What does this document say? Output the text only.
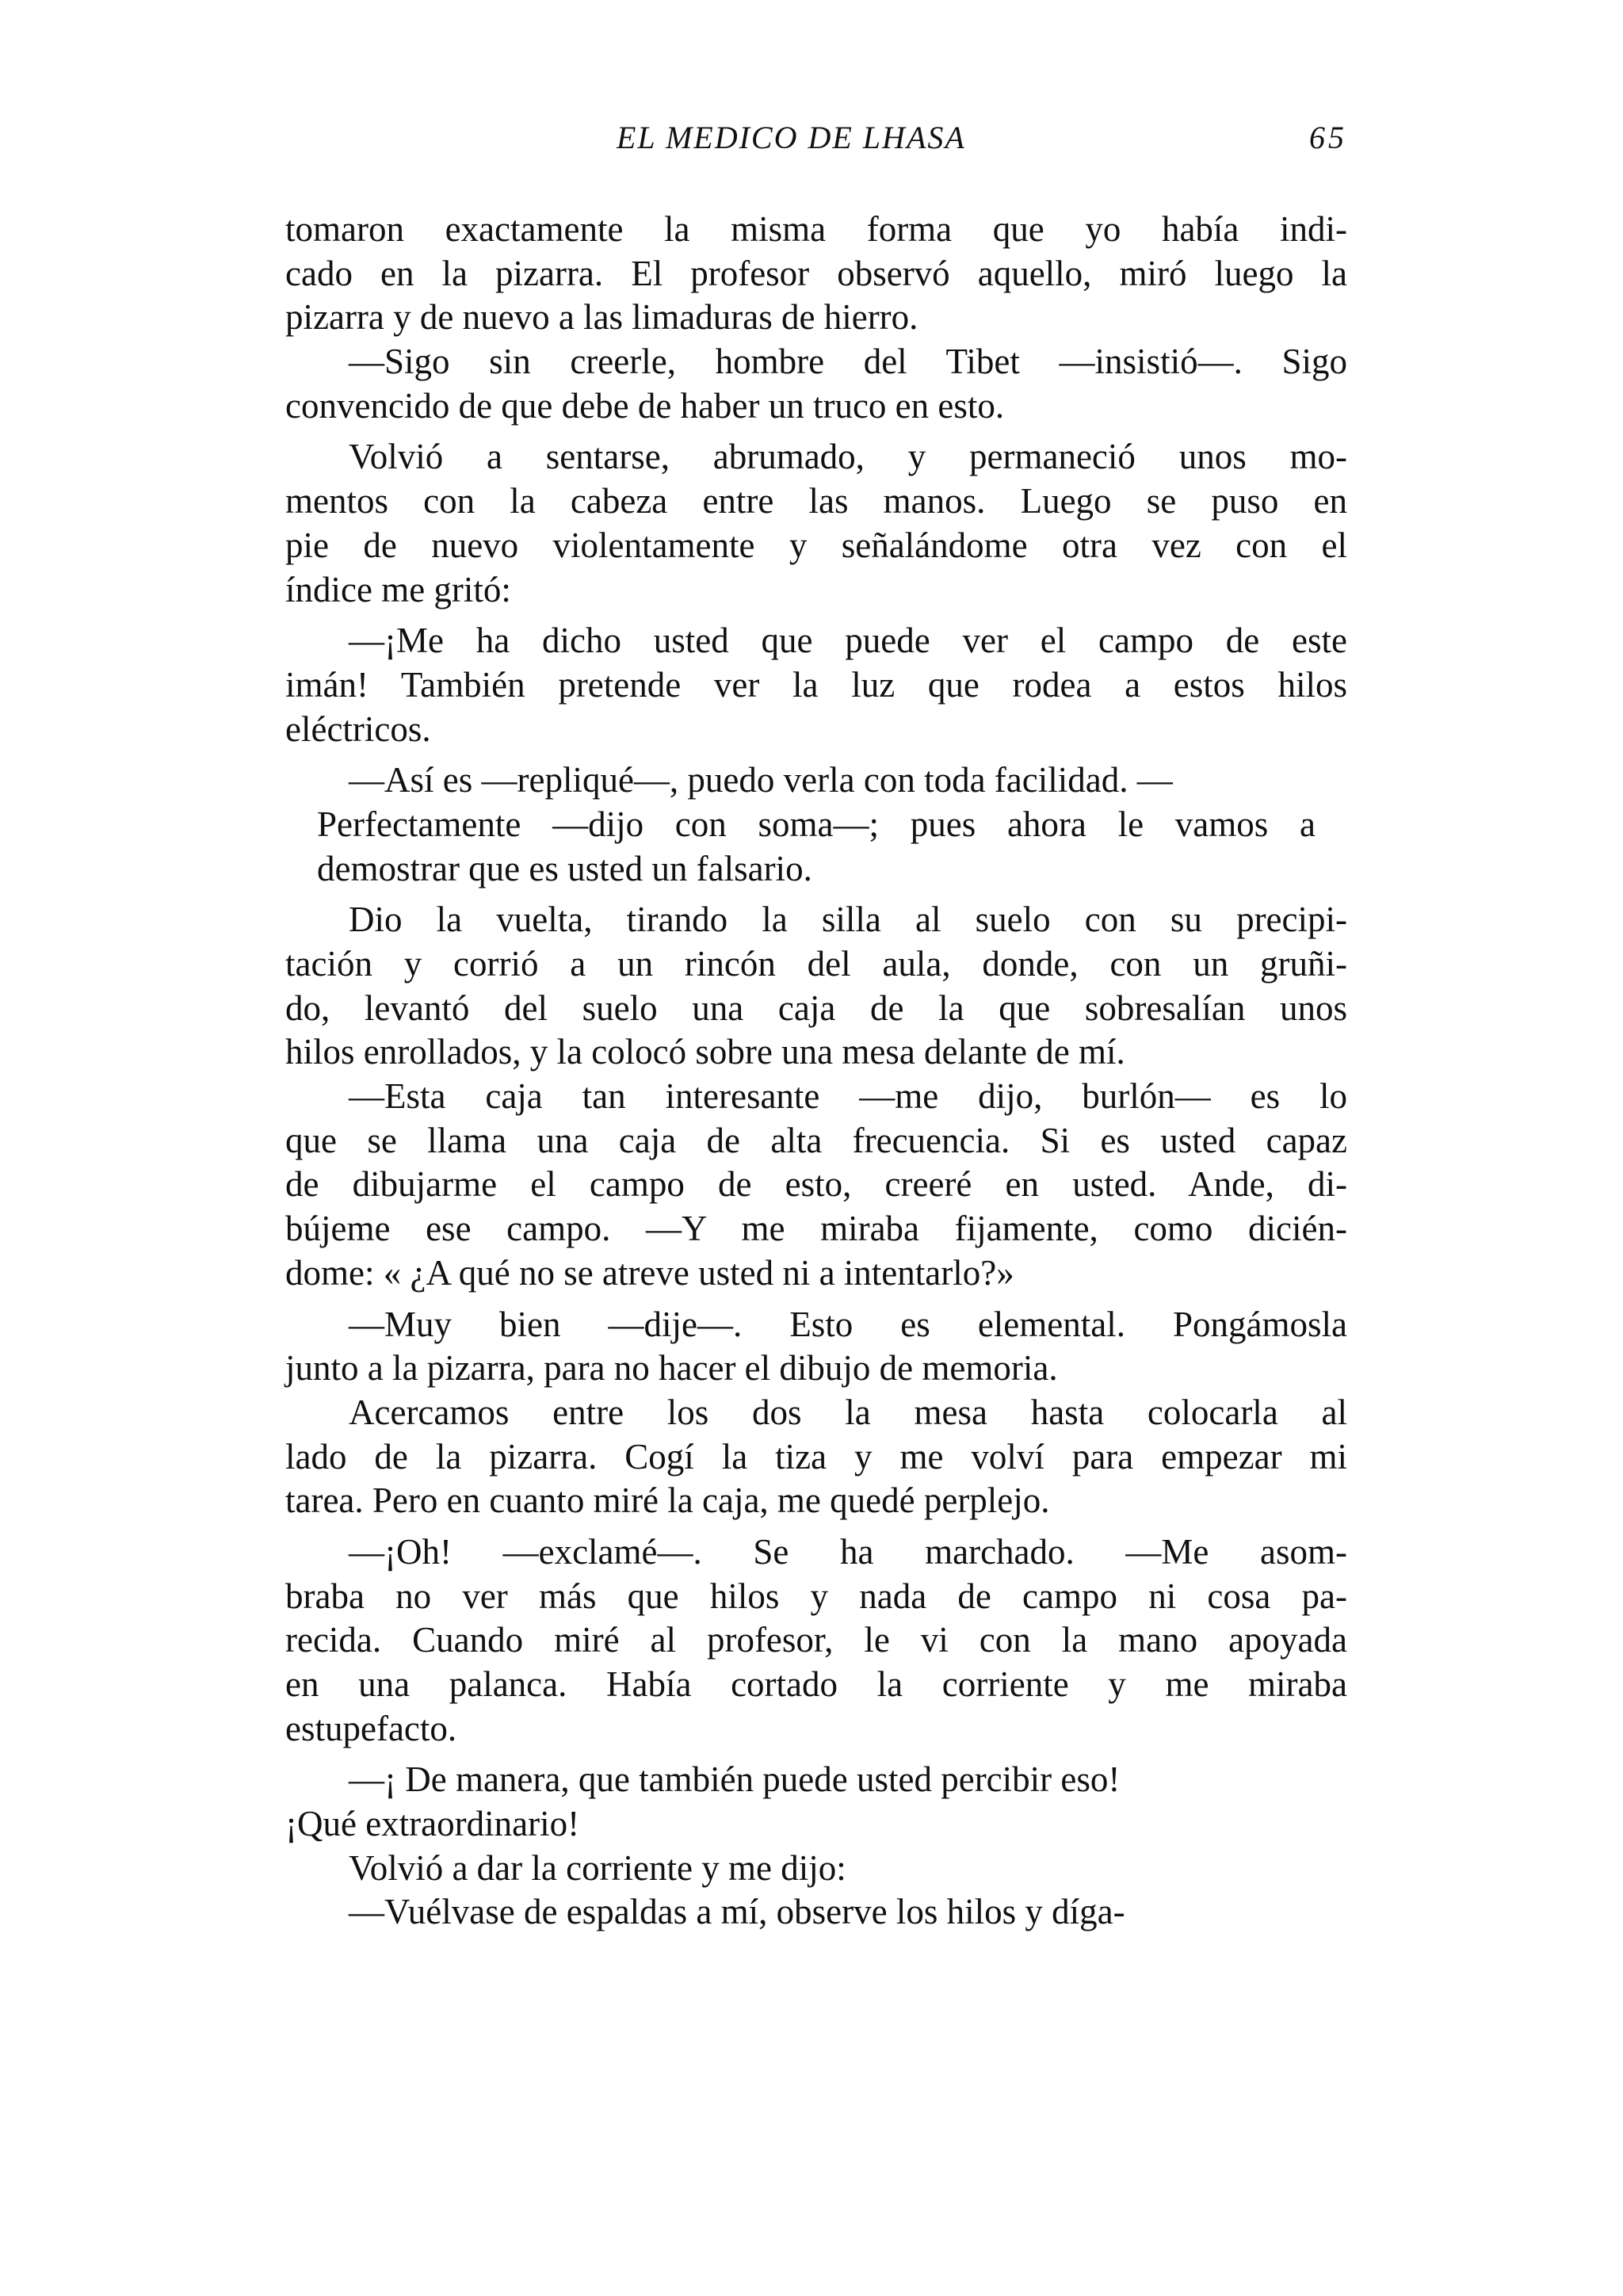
EL MEDICO DE LHASA	65
tomaron exactamente la misma forma que yo había indi-
cado en la pizarra. El profesor observó aquello, miró luego la
pizarra y de nuevo a las limaduras de hierro.
—Sigo sin creerle, hombre del Tibet —insistió—. Sigo
convencido de que debe de haber un truco en esto.
Volvió a sentarse, abrumado, y permaneció unos mo-
mentos con la cabeza entre las manos. Luego se puso en
pie de nuevo violentamente y señalándome otra vez con el
índice me gritó:
—¡Me ha dicho usted que puede ver el campo de este
imán! También pretende ver la luz que rodea a estos hilos
eléctricos.
—Así es —repliqué—, puedo verla con toda facilidad. —
Perfectamente —dijo con soma—; pues ahora le vamos a
demostrar que es usted un falsario.
Dio la vuelta, tirando la silla al suelo con su precipi-
tación y corrió a un rincón del aula, donde, con un gruñi-
do, levantó del suelo una caja de la que sobresalían unos
hilos enrollados, y la colocó sobre una mesa delante de mí.
—Esta caja tan interesante —me dijo, burlón— es lo
que se llama una caja de alta frecuencia. Si es usted capaz
de dibujarme el campo de esto, creeré en usted. Ande, di-
bújeme ese campo. —Y me miraba fijamente, como dicién-
dome: « ¿A qué no se atreve usted ni a intentarlo?»
—Muy bien —dije—. Esto es elemental. Pongámosla
junto a la pizarra, para no hacer el dibujo de memoria.
Acercamos entre los dos la mesa hasta colocarla al
lado de la pizarra. Cogí la tiza y me volví para empezar mi
tarea. Pero en cuanto miré la caja, me quedé perplejo.
—¡Oh! —exclamé—. Se ha marchado. —Me asom-
braba no ver más que hilos y nada de campo ni cosa pa-
recida. Cuando miré al profesor, le vi con la mano apoyada
en una palanca. Había cortado la corriente y me miraba
estupefacto.
—¡ De manera, que también puede usted percibir eso!
¡Qué extraordinario!
Volvió a dar la corriente y me dijo:
—Vuélvase de espaldas a mí, observe los hilos y díga-
